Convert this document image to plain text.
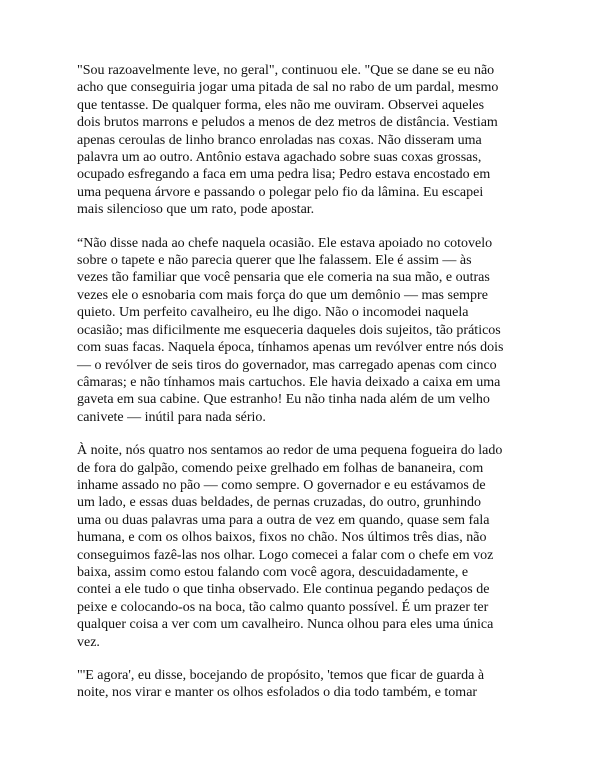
"Sou razoavelmente leve, no geral", continuou ele. "Que se dane se eu não
acho que conseguiria jogar uma pitada de sal no rabo de um pardal, mesmo
que tentasse. De qualquer forma, eles não me ouviram. Observei aqueles
dois brutos marrons e peludos a menos de dez metros de distância. Vestiam
apenas ceroulas de linho branco enroladas nas coxas. Não disseram uma
palavra um ao outro. Antônio estava agachado sobre suas coxas grossas,
ocupado esfregando a faca em uma pedra lisa; Pedro estava encostado em
uma pequena árvore e passando o polegar pelo fio da lâmina. Eu escapei
mais silencioso que um rato, pode apostar.

“Não disse nada ao chefe naquela ocasião. Ele estava apoiado no cotovelo
sobre o tapete e não parecia querer que lhe falassem. Ele é assim — às
vezes tão familiar que você pensaria que ele comeria na sua mão, e outras
vezes ele o esnobaria com mais força do que um demônio — mas sempre
quieto. Um perfeito cavalheiro, eu lhe digo. Não o incomodei naquela
ocasião; mas dificilmente me esqueceria daqueles dois sujeitos, tão práticos
com suas facas. Naquela época, tínhamos apenas um revólver entre nós dois
— o revólver de seis tiros do governador, mas carregado apenas com cinco
câmaras; e não tínhamos mais cartuchos. Ele havia deixado a caixa em uma
gaveta em sua cabine. Que estranho! Eu não tinha nada além de um velho
canivete — inútil para nada sério.

À noite, nós quatro nos sentamos ao redor de uma pequena fogueira do lado
de fora do galpão, comendo peixe grelhado em folhas de bananeira, com
inhame assado no pão — como sempre. O governador e eu estávamos de
um lado, e essas duas beldades, de pernas cruzadas, do outro, grunhindo
uma ou duas palavras uma para a outra de vez em quando, quase sem fala
humana, e com os olhos baixos, fixos no chão. Nos últimos três dias, não
conseguimos fazê-las nos olhar. Logo comecei a falar com o chefe em voz
baixa, assim como estou falando com você agora, descuidadamente, e
contei a ele tudo o que tinha observado. Ele continua pegando pedaços de
peixe e colocando-os na boca, tão calmo quanto possível. É um prazer ter
qualquer coisa a ver com um cavalheiro. Nunca olhou para eles uma única
vez.

"'E agora', eu disse, bocejando de propósito, 'temos que ficar de guarda à
noite, nos virar e manter os olhos esfolados o dia todo também, e tomar
